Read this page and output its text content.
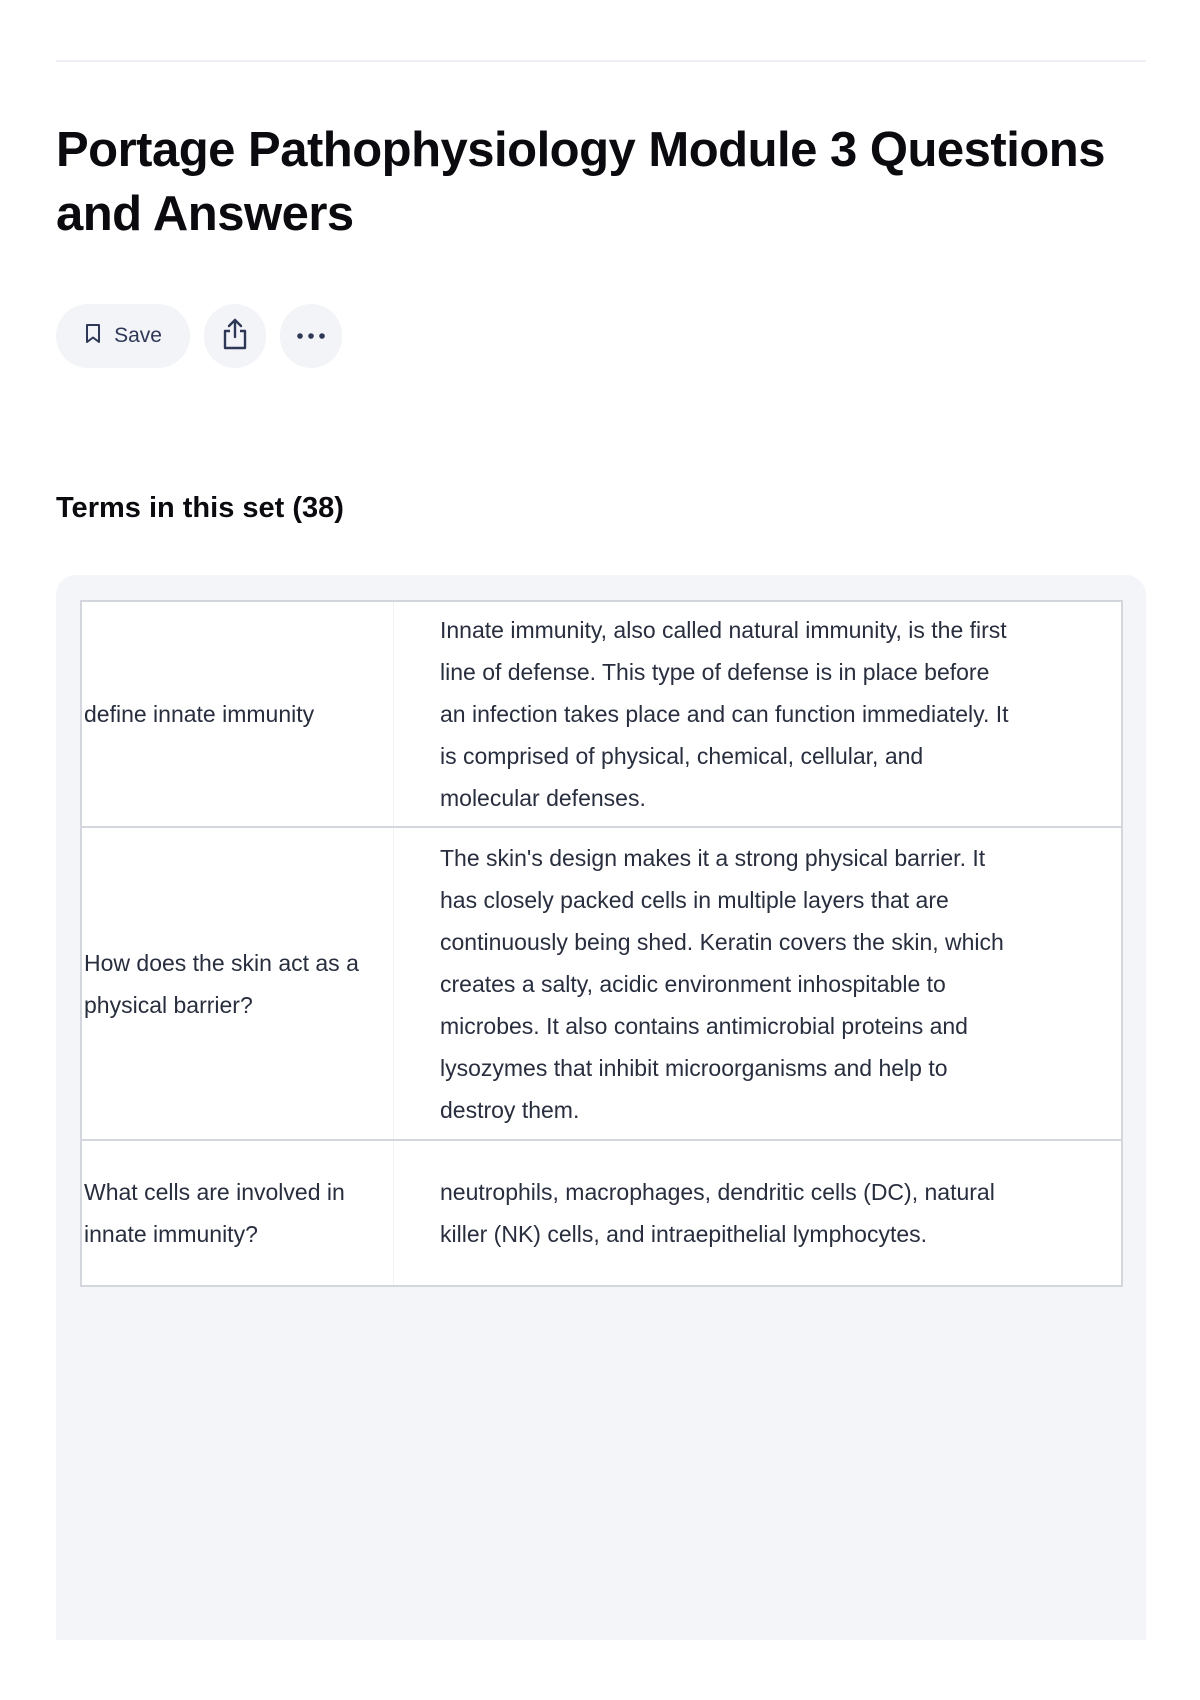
Portage Pathophysiology Module 3 Questions and Answers
Save
Terms in this set (38)
define innate immunity
Innate immunity, also called natural immunity, is the first line of defense. This type of defense is in place before an infection takes place and can function immediately. It is comprised of physical, chemical, cellular, and molecular defenses.
How does the skin act as a physical barrier?
The skin's design makes it a strong physical barrier. It has closely packed cells in multiple layers that are continuously being shed. Keratin covers the skin, which creates a salty, acidic environment inhospitable to microbes. It also contains antimicrobial proteins and lysozymes that inhibit microorganisms and help to destroy them.
What cells are involved in innate immunity?
neutrophils, macrophages, dendritic cells (DC), natural killer (NK) cells, and intraepithelial lymphocytes.
